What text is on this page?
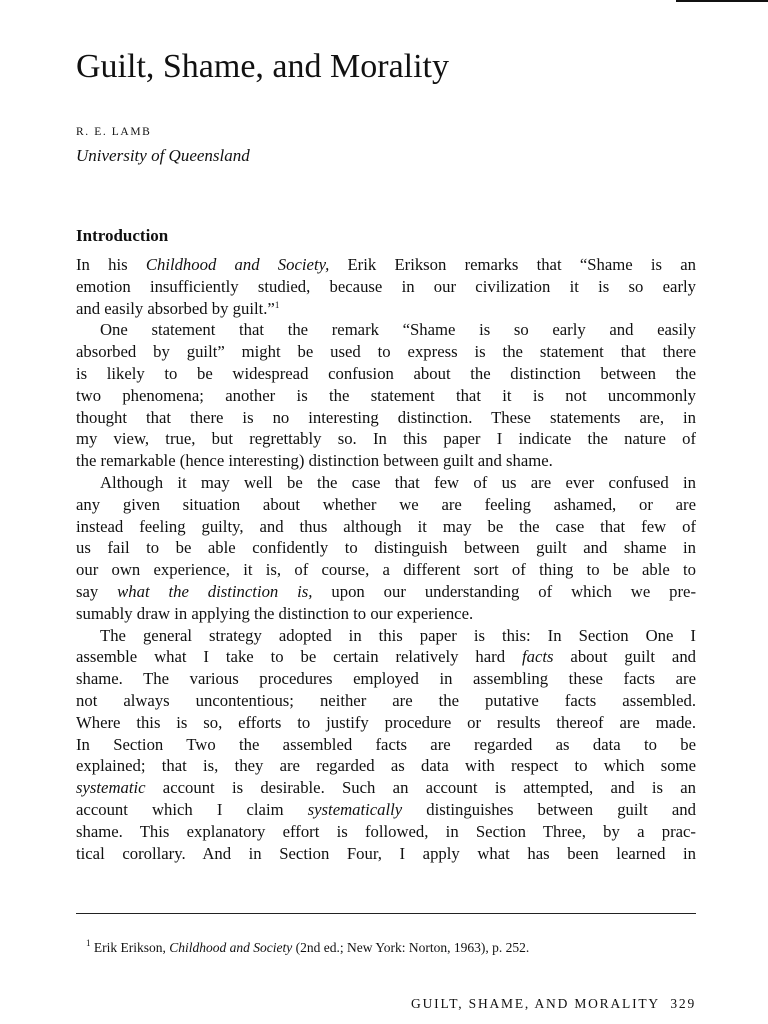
Guilt, Shame, and Morality
R. E. LAMB
University of Queensland
Introduction
In his Childhood and Society, Erik Erikson remarks that “Shame is an
emotion insufficiently studied, because in our civilization it is so early
and easily absorbed by guilt.”$^1$
One statement that the remark “Shame is so early and easily
absorbed by guilt” might be used to express is the statement that there
is likely to be widespread confusion about the distinction between the
two phenomena; another is the statement that it is not uncommonly
thought that there is no interesting distinction. These statements are, in
my view, true, but regrettably so. In this paper I indicate the nature of
the remarkable (hence interesting) distinction between guilt and shame.
Although it may well be the case that few of us are ever confused in
any given situation about whether we are feeling ashamed, or are
instead feeling guilty, and thus although it may be the case that few of
us fail to be able confidently to distinguish between guilt and shame in
our own experience, it is, of course, a different sort of thing to be able to
say what the distinction is, upon our understanding of which we pre-
sumably draw in applying the distinction to our experience.
The general strategy adopted in this paper is this: In Section One I
assemble what I take to be certain relatively hard facts about guilt and
shame. The various procedures employed in assembling these facts are
not always uncontentious; neither are the putative facts assembled.
Where this is so, efforts to justify procedure or results thereof are made.
In Section Two the assembled facts are regarded as data to be
explained; that is, they are regarded as data with respect to which some
systematic account is desirable. Such an account is attempted, and is an
account which I claim systematically distinguishes between guilt and
shame. This explanatory effort is followed, in Section Three, by a prac-
tical corollary. And in Section Four, I apply what has been learned in
$^1$ Erik Erikson, Childhood and Society (2nd ed.; New York: Norton, 1963), p. 252.
GUILT, SHAME, AND MORALITY 329
